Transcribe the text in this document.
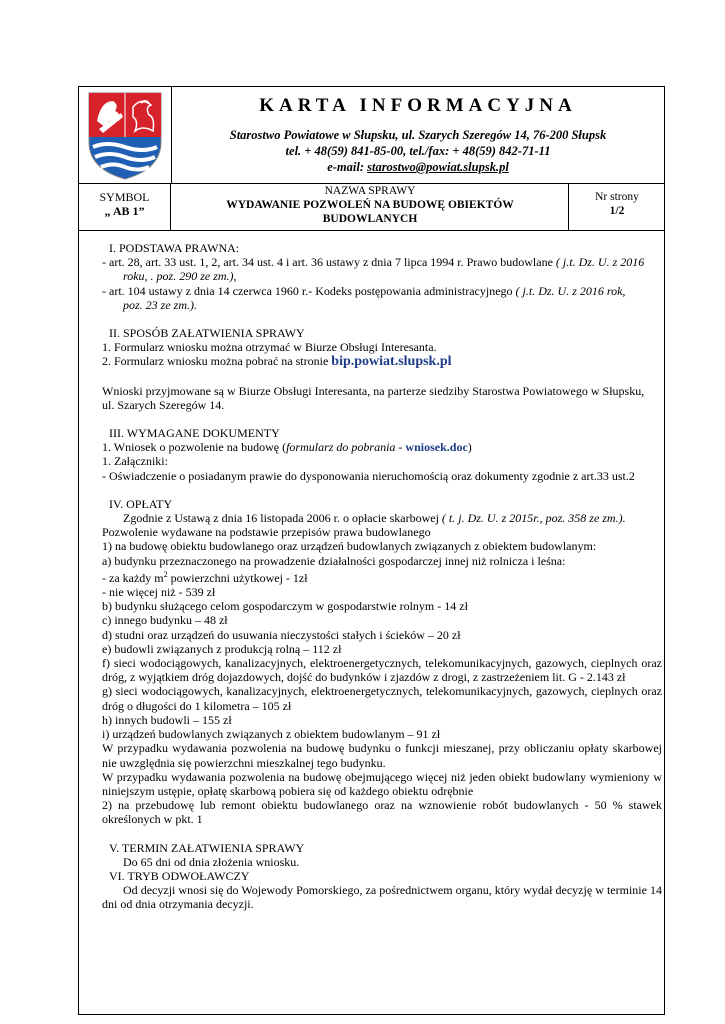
KARTA INFORMACYJNA
Starostwo Powiatowe w Słupsku, ul. Szarych Szeregów 14, 76-200 Słupsk
tel. + 48(59) 841-85-00, tel./fax: + 48(59) 842-71-11
e-mail: starostwo@powiat.slupsk.pl
SYMBOL
„ AB 1”
NAZWA SPRAWY
WYDAWANIE POZWOLEŃ NA BUDOWĘ OBIEKTÓW
BUDOWLANYCH
Nr strony
1/2

I. PODSTAWA PRAWNA:

- art. 28, art. 33 ust. 1, 2, art. 34 ust. 4 i art. 36 ustawy z dnia 7 lipca 1994 r. Prawo budowlane ( j.t. Dz. U. z 2016

roku, . poz. 290 ze zm.),

- art. 104 ustawy z dnia 14 czerwca 1960 r.- Kodeks postępowania administracyjnego ( j.t. Dz. U. z 2016 rok,

poz. 23 ze zm.).

II. SPOSÓB ZAŁATWIENIA SPRAWY

1. Formularz wniosku można otrzymać w Biurze Obsługi Interesanta.

2. Formularz wniosku można pobrać na stronie bip.powiat.slupsk.pl

Wnioski przyjmowane są w Biurze Obsługi Interesanta, na parterze siedziby Starostwa Powiatowego w Słupsku,

ul. Szarych Szeregów 14.

III. WYMAGANE DOKUMENTY

1. Wniosek o pozwolenie na budowę (formularz do pobrania - wniosek.doc)

1. Załączniki:

- Oświadczenie o posiadanym prawie do dysponowania nieruchomością oraz dokumenty zgodnie z art.33 ust.2

IV. OPŁATY

Zgodnie z Ustawą z dnia 16 listopada 2006 r. o opłacie skarbowej ( t. j. Dz. U. z 2015r., poz. 358 ze zm.).

Pozwolenie wydawane na podstawie przepisów prawa budowlanego

1) na budowę obiektu budowlanego oraz urządzeń budowlanych związanych z obiektem budowlanym:

a) budynku przeznaczonego na prowadzenie działalności gospodarczej innej niż rolnicza i leśna:

- za każdy $m^2$ powierzchni użytkowej - 1zł

- nie więcej niż - 539 zł

b) budynku służącego celom gospodarczym w gospodarstwie rolnym - 14 zł

c) innego budynku – 48 zł

d) studni oraz urządzeń do usuwania nieczystości stałych i ścieków – 20 zł

e) budowli związanych z produkcją rolną – 112 zł

f) sieci wodociągowych, kanalizacyjnych, elektroenergetycznych, telekomunikacyjnych, gazowych, cieplnych oraz dróg, z wyjątkiem dróg dojazdowych, dojść do budynków i zjazdów z drogi, z zastrzeżeniem lit. G - 2.143 zł

g) sieci wodociągowych, kanalizacyjnych, elektroenergetycznych, telekomunikacyjnych, gazowych, cieplnych oraz dróg o długości do 1 kilometra – 105 zł

h) innych budowli – 155 zł

i) urządzeń budowlanych związanych z obiektem budowlanym – 91 zł

W przypadku wydawania pozwolenia na budowę budynku o funkcji mieszanej, przy obliczaniu opłaty skarbowej nie uwzględnia się powierzchni mieszkalnej tego budynku.

W przypadku wydawania pozwolenia na budowę obejmującego więcej niż jeden obiekt budowlany wymieniony w niniejszym ustępie, opłatę skarbową pobiera się od każdego obiektu odrębnie

2) na przebudowę lub remont obiektu budowlanego oraz na wznowienie robót budowlanych - 50 % stawek określonych w pkt. 1

V. TERMIN ZAŁATWIENIA SPRAWY

Do 65 dni od dnia złożenia wniosku.

VI. TRYB ODWOŁAWCZY

Od decyzji wnosi się do Wojewody Pomorskiego, za pośrednictwem organu, który wydał decyzję w terminie 14 dni od dnia otrzymania decyzji.
